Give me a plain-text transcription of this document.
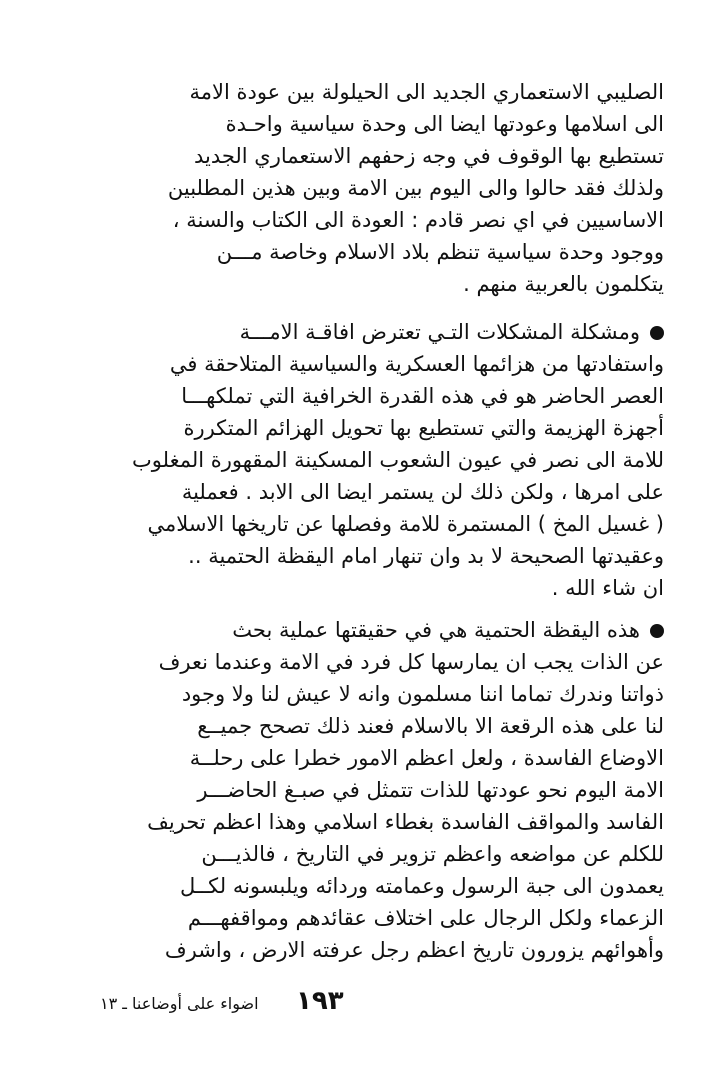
الصليبي الاستعماري الجديد الى الحيلولة بين عودة الامة
الى اسلامها وعودتها ايضا الى وحدة سياسية واحـدة
تستطيع بها الوقوف في وجه زحفهم الاستعماري الجديد
ولذلك فقد حالوا والى اليوم بين الامة وبين هذين المطلبين
الاساسيين في اي نصر قادم : العودة الى الكتاب والسنة ،
ووجود وحدة سياسية تنظم بلاد الاسلام وخاصة مـــن
يتكلمون بالعربية منهم .
ومشكلة المشكلات التـي تعترض افاقـة الامـــة
واستفادتها من هزائمها العسكرية والسياسية المتلاحقة في
العصر الحاضر هو في هذه القدرة الخرافية التي تملكهـــا
أجهزة الهزيمة والتي تستطيع بها تحويل الهزائم المتكررة
للامة الى نصر في عيون الشعوب المسكينة المقهورة المغلوب
على امرها ، ولكن ذلك لن يستمر ايضا الى الابد . فعملية
( غسيل المخ ) المستمرة للامة وفصلها عن تاريخها الاسلامي
وعقيدتها الصحيحة لا بد وان تنهار امام اليقظة الحتمية ..
ان شاء الله .
هذه اليقظة الحتمية هي في حقيقتها عملية بحث
عن الذات يجب ان يمارسها كل فرد في الامة وعندما نعرف
ذواتنا وندرك تماما اننا مسلمون وانه لا عيش لنا ولا وجود
لنا على هذه الرقعة الا بالاسلام فعند ذلك تصحح جميــع
الاوضاع الفاسدة ، ولعل اعظم الامور خطرا على رحلــة
الامة اليوم نحو عودتها للذات تتمثل في صبـغ الحاضـــر
الفاسد والمواقف الفاسدة بغطاء اسلامي وهذا اعظم تحريف
للكلم عن مواضعه واعظم تزوير في التاريخ ، فالذيـــن
يعمدون الى جبة الرسول وعمامته وردائه ويلبسونه لكــل
الزعماء ولكل الرجال على اختلاف عقائدهم ومواقفهـــم
وأهوائهم يزورون تاريخ اعظم رجل عرفته الارض ، واشرف
١٩٣
اضواء على أوضاعنا ـ ١٣
